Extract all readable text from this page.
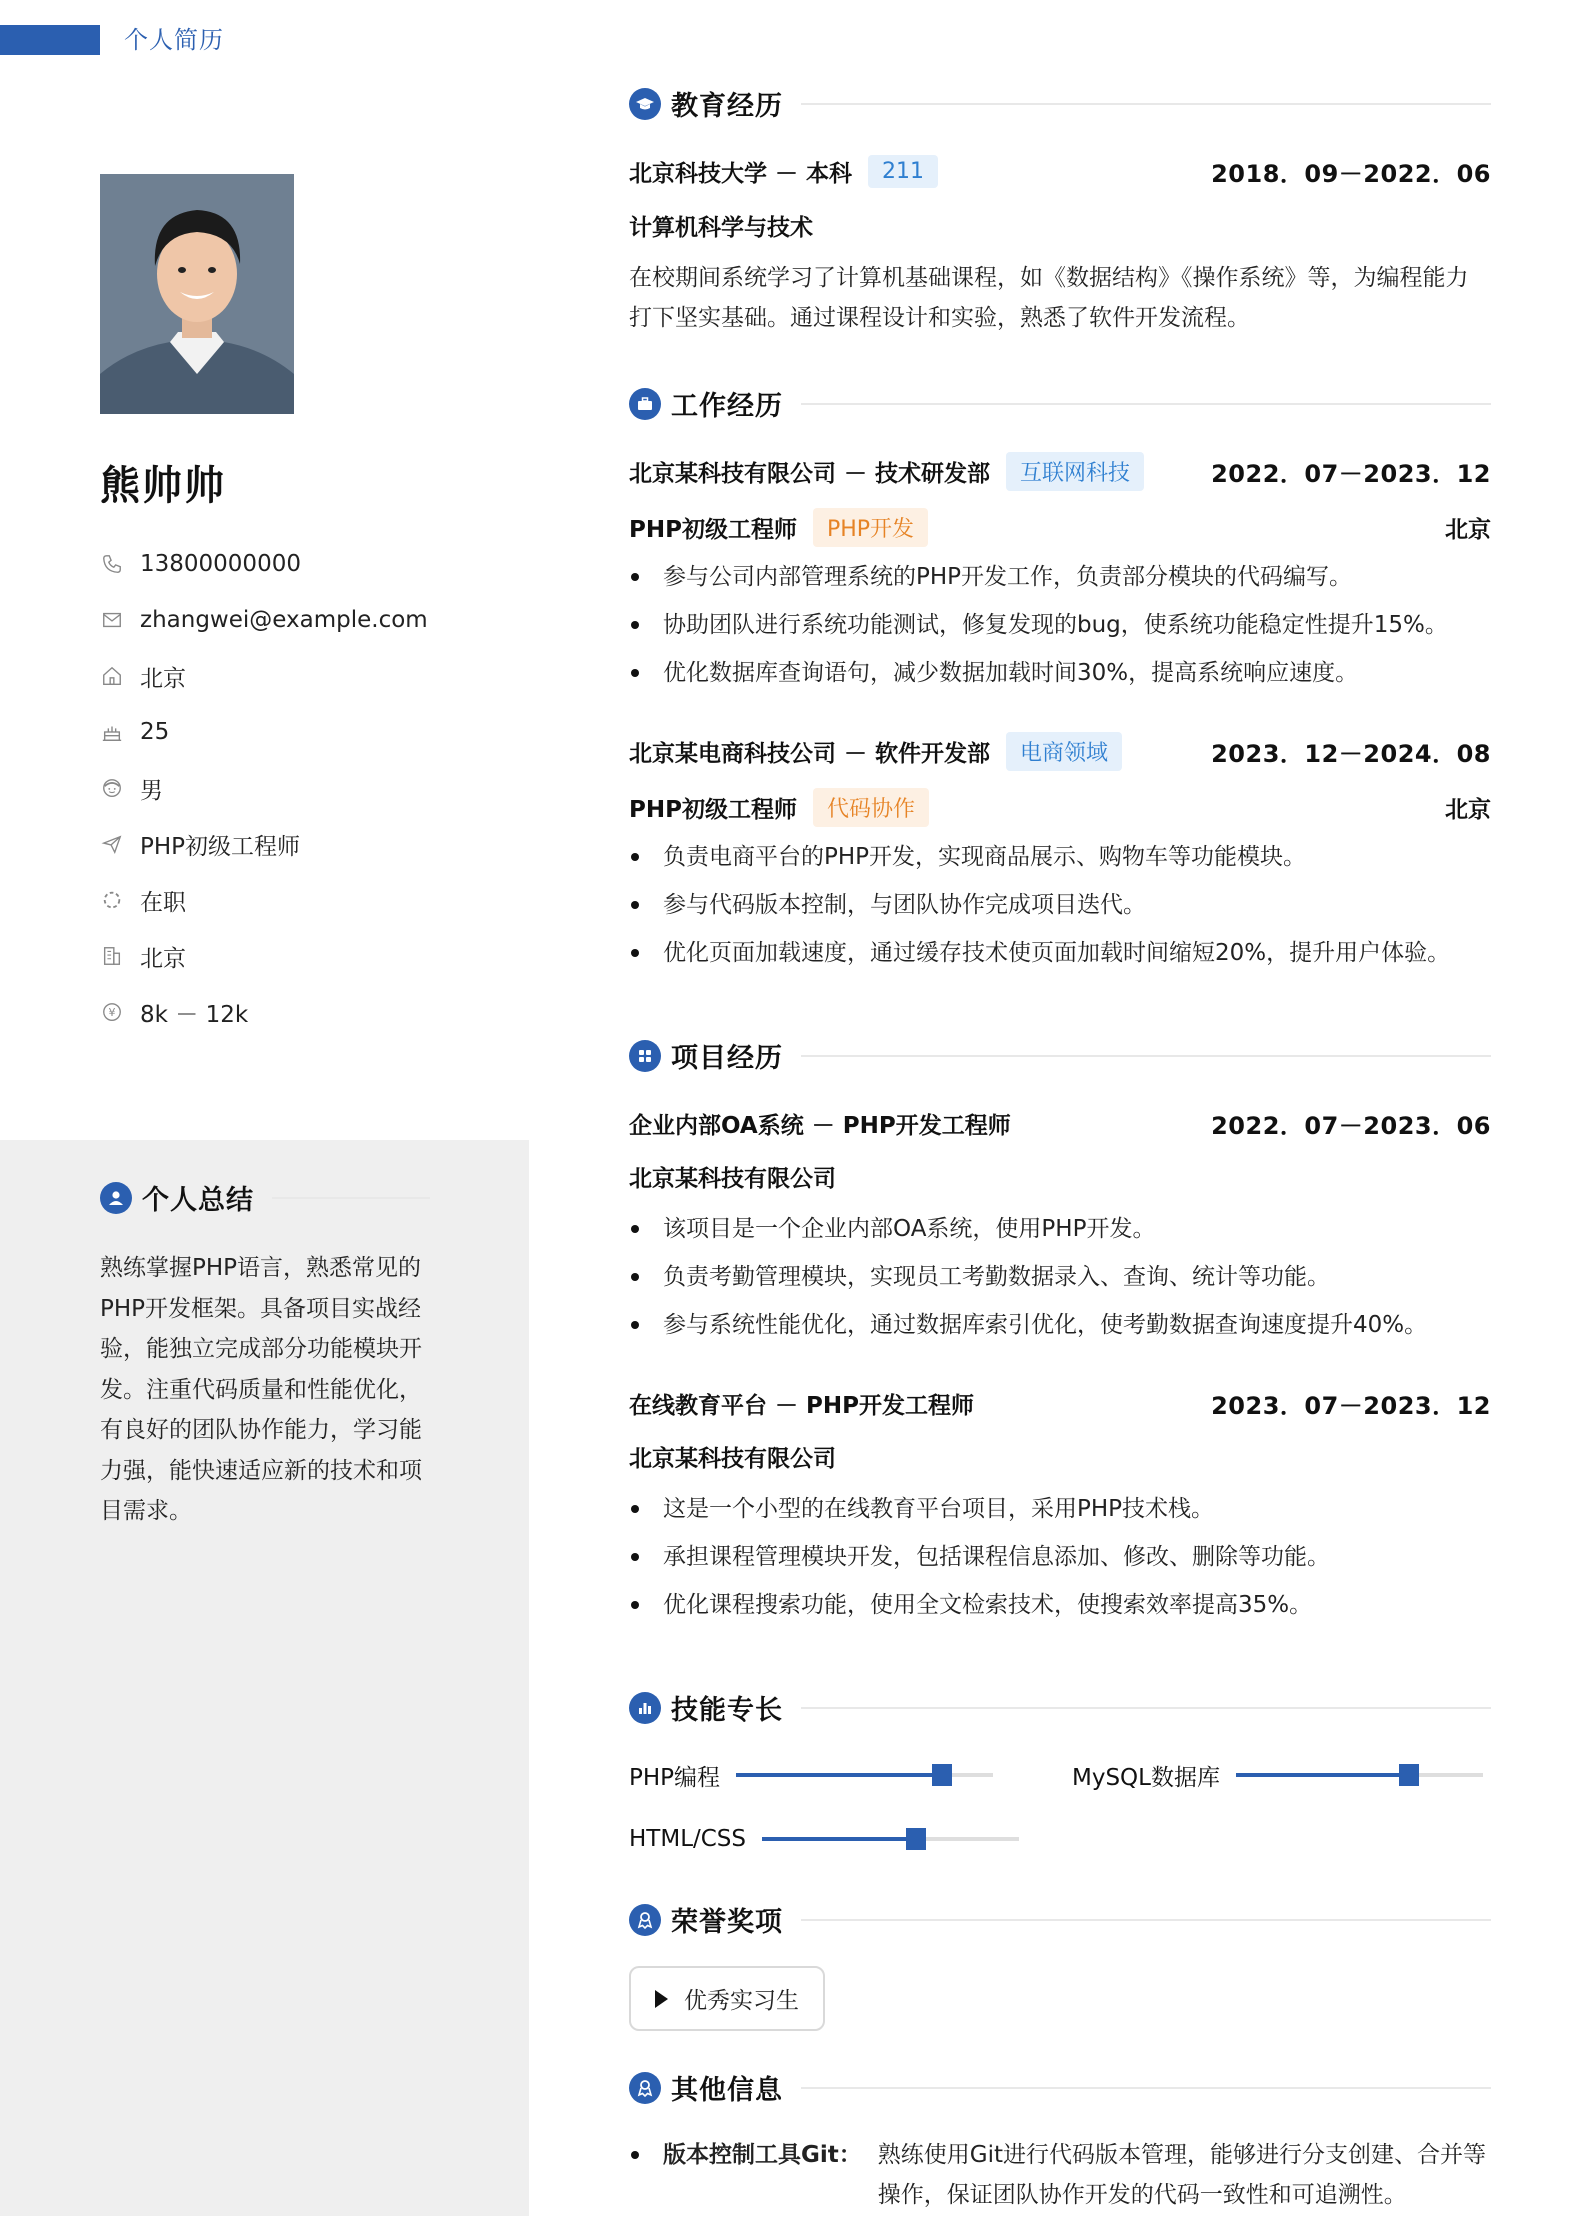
个人简历
熊帅帅
13800000000
zhangwei@example.com
北京
25
男
PHP初级工程师
在职
北京
¥ 8k － 12k
个人总结
熟练掌握PHP语言，熟悉常见的PHP开发框架。具备项目实战经验，能独立完成部分功能模块开发。注重代码质量和性能优化，有良好的团队协作能力，学习能力强，能快速适应新的技术和项目需求。
教育经历
北京科技大学 － 本科	211	2018．09－2022．06
计算机科学与技术
在校期间系统学习了计算机基础课程，如《数据结构》《操作系统》等，为编程能力打下坚实基础。通过课程设计和实验，熟悉了软件开发流程。
工作经历
北京某科技有限公司 － 技术研发部	互联网科技	2022．07－2023．12
PHP初级工程师	PHP开发	北京
参与公司内部管理系统的PHP开发工作，负责部分模块的代码编写。
协助团队进行系统功能测试，修复发现的bug，使系统功能稳定性提升15%。
优化数据库查询语句，减少数据加载时间30%，提高系统响应速度。
北京某电商科技公司 － 软件开发部	电商领域	2023．12－2024．08
PHP初级工程师	代码协作	北京
负责电商平台的PHP开发，实现商品展示、购物车等功能模块。
参与代码版本控制，与团队协作完成项目迭代。
优化页面加载速度，通过缓存技术使页面加载时间缩短20%，提升用户体验。
项目经历
企业内部OA系统 － PHP开发工程师	2022．07－2023．06
北京某科技有限公司
该项目是一个企业内部OA系统，使用PHP开发。
负责考勤管理模块，实现员工考勤数据录入、查询、统计等功能。
参与系统性能优化，通过数据库索引优化，使考勤数据查询速度提升40%。
在线教育平台 － PHP开发工程师	2023．07－2023．12
北京某科技有限公司
这是一个小型的在线教育平台项目，采用PHP技术栈。
承担课程管理模块开发，包括课程信息添加、修改、删除等功能。
优化课程搜索功能，使用全文检索技术，使搜索效率提高35%。
技能专长
PHP编程	MySQL数据库
HTML/CSS
荣誉奖项
优秀实习生
其他信息
版本控制工具Git： 熟练使用Git进行代码版本管理，能够进行分支创建、合并等操作，保证团队协作开发的代码一致性和可追溯性。
